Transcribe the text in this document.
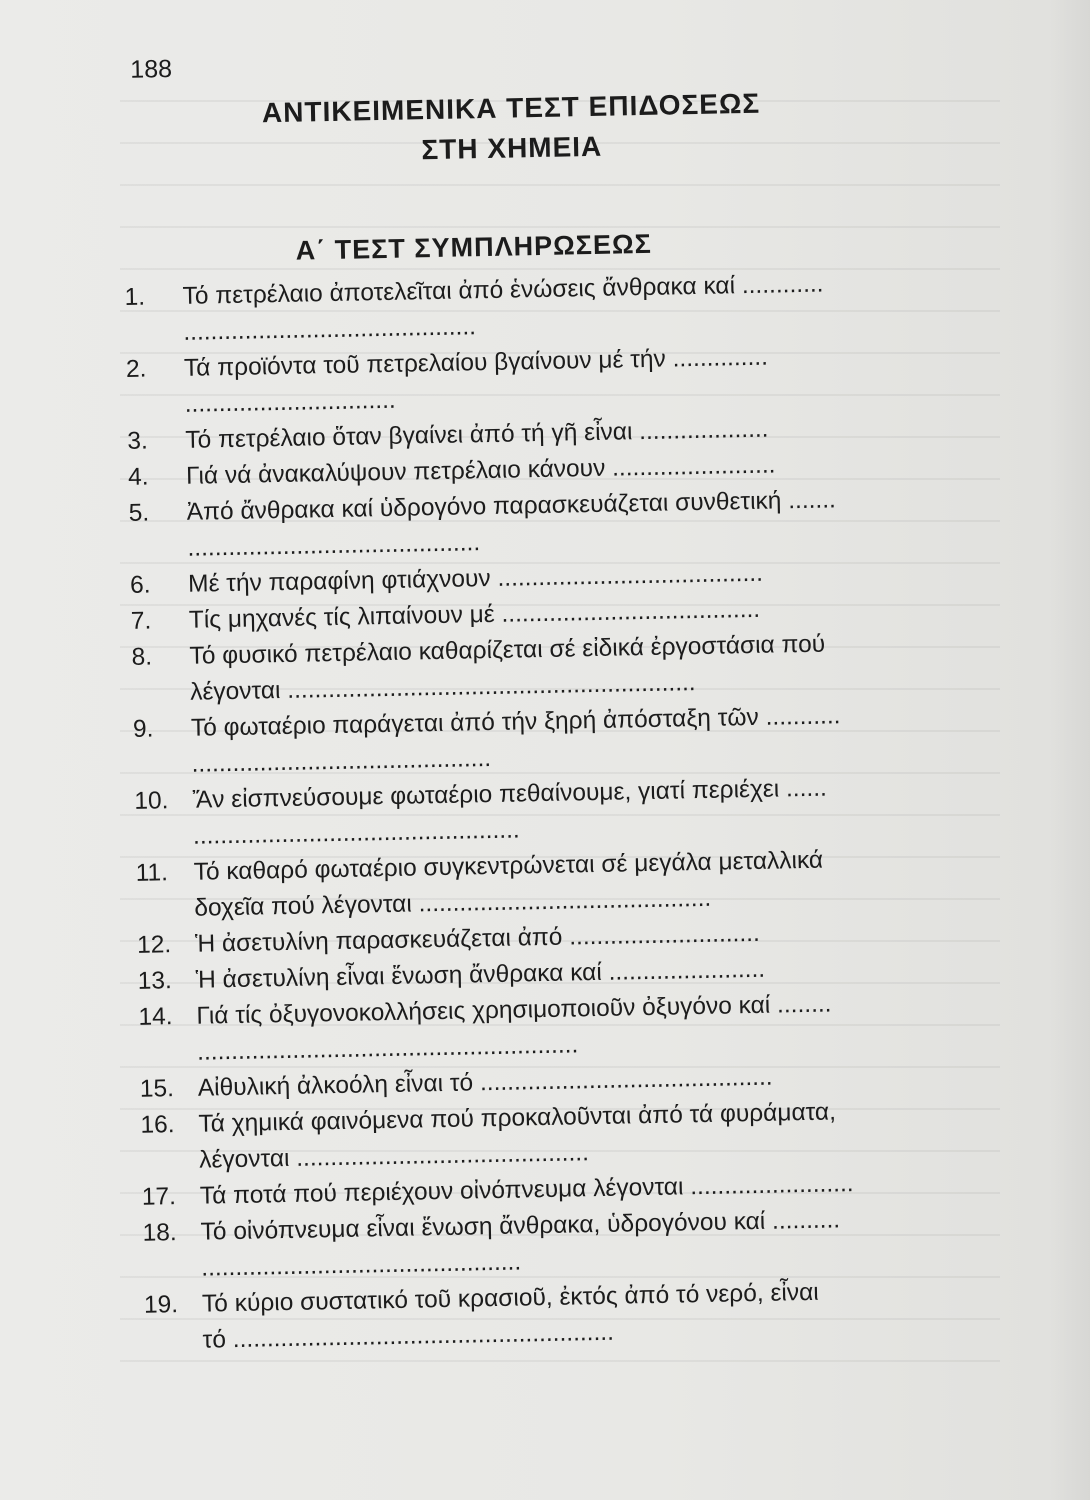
188
ΑΝΤΙΚΕΙΜΕΝΙΚΑ ΤΕΣΤ ΕΠΙΔΟΣΕΩΣ
ΣΤΗ ΧΗΜΕΙΑ
Α΄ ΤΕΣΤ ΣΥΜΠΛΗΡΩΣΕΩΣ
1.	Τό πετρέλαιο ἀποτελεῖται ἀπό ἑνώσεις ἄνθρακα καί ............
...........................................
2.	Τά προϊόντα τοῦ πετρελαίου βγαίνουν μέ τήν ..............
...............................
3.	Τό πετρέλαιο ὅταν βγαίνει ἀπό τή γῆ εἶναι ...................
4.	Γιά νά ἀνακαλύψουν πετρέλαιο κάνουν ........................
5.	Ἀπό ἄνθρακα καί ὑδρογόνο παρασκευάζεται συνθετική .......
...........................................
6.	Μέ τήν παραφίνη φτιάχνουν .......................................
7.	Τίς μηχανές τίς λιπαίνουν μέ ......................................
8.	Τό φυσικό πετρέλαιο καθαρίζεται σέ εἰδικά ἐργοστάσια πού
λέγονται ............................................................
9.	Τό φωταέριο παράγεται ἀπό τήν ξηρή ἀπόσταξη τῶν ...........
............................................
10. Ἄν εἰσπνεύσουμε φωταέριο πεθαίνουμε, γιατί περιέχει ......
................................................
11.	Τό καθαρό φωταέριο συγκεντρώνεται σέ μεγάλα μεταλλικά
δοχεῖα πού λέγονται ...........................................
12. Ἡ ἀσετυλίνη παρασκευάζεται ἀπό ............................
13. Ἡ ἀσετυλίνη εἶναι ἕνωση ἄνθρακα καί .......................
14. Γιά τίς ὀξυγονοκολλήσεις χρησιμοποιοῦν ὀξυγόνο καί ........
........................................................
15. Αἰθυλική ἀλκοόλη εἶναι τό ...........................................
16. Τά χημικά φαινόμενα πού προκαλοῦνται ἀπό τά φυράματα,
λέγονται ...........................................
17. Τά ποτά πού περιέχουν οἰνόπνευμα λέγονται ........................
18. Τό οἰνόπνευμα εἶναι ἕνωση ἄνθρακα, ὑδρογόνου καί ..........
...............................................
19. Τό κύριο συστατικό τοῦ κρασιοῦ, ἐκτός ἀπό τό νερό, εἶναι
τό ........................................................
